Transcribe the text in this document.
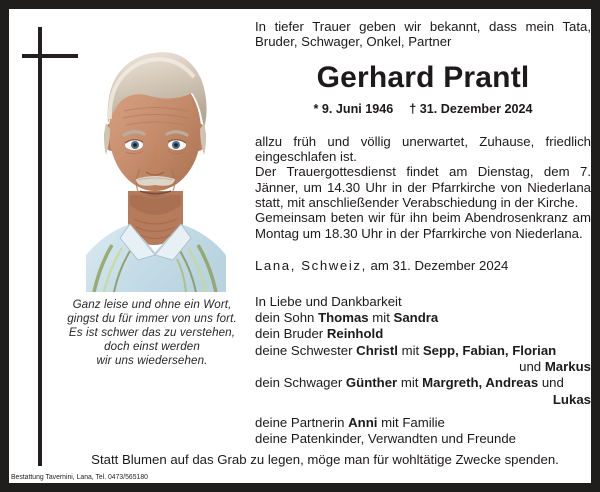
Ganz leise und ohne ein Wort,
gingst du für immer von uns fort.
Es ist schwer das zu verstehen,
doch einst werden
wir uns wiedersehen.

In tiefer Trauer geben wir bekannt, dass mein Tata, Bruder, Schwager, Onkel, Partner

Gerhard Prantl
* 9. Juni 1946 † 31. Dezember 2024

allzu früh und völlig unerwartet, Zuhause, friedlich eingeschlafen ist.

Der Trauergottesdienst findet am Dienstag, dem 7. Jänner, um 14.30 Uhr in der Pfarrkirche von Niederlana statt, mit anschließender Verabschiedung in der Kirche.

Gemeinsam beten wir für ihn beim Abendrosenkranz am Montag um 18.30 Uhr in der Pfarrkirche von Niederlana.

Lana, Schweiz, am 31. Dezember 2024
In Liebe und Dankbarkeit
dein Sohn Thomas mit Sandra
dein Bruder Reinhold
deine Schwester Christl mit Sepp, Fabian, Florian
und Markus
dein Schwager Günther mit Margreth, Andreas und
Lukas
deine Partnerin Anni mit Familie
deine Patenkinder, Verwandten und Freunde
Statt Blumen auf das Grab zu legen, möge man für wohltätige Zwecke spenden.
Bestattung Tavernini, Lana, Tel. 0473/565180
